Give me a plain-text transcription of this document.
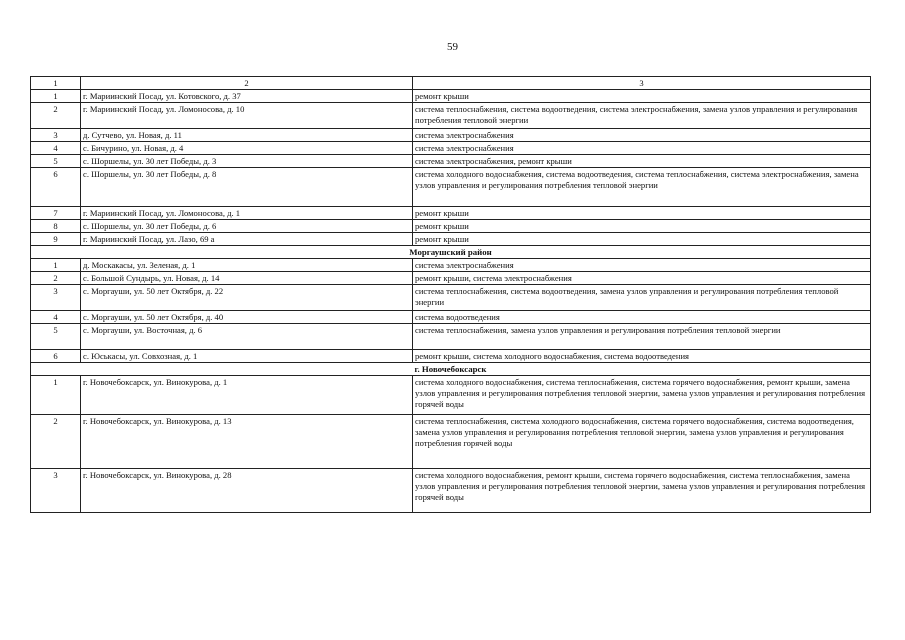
59
1	2	3
1	г. Мариинский Посад, ул. Котовского, д. 37	ремонт крыши
2	г. Мариинский Посад, ул. Ломоносова, д. 10	система теплоснабжения, система водоотведения, система электроснабжения, замена узлов управления и регулирования потребления тепловой энергии
3	д. Сутчево, ул. Новая, д. 11	система электроснабжения
4	с. Бичурино, ул. Новая, д. 4	система электроснабжения
5	с. Шоршелы, ул. 30 лет Победы, д. 3	система электроснабжения, ремонт крыши
6	с. Шоршелы, ул. 30 лет Победы, д. 8	система холодного водоснабжения, система водоотведения, система теплоснабжения, система электроснабжения, замена узлов управления и регулирования потребления тепловой энергии
7	г. Мариинский Посад, ул. Ломоносова, д. 1	ремонт крыши
8	с. Шоршелы, ул. 30 лет Победы, д. 6	ремонт крыши
9	г. Мариинский Посад, ул. Лазо, 69 а	ремонт крыши
Моргаушский район		
1	д. Москакасы, ул. Зеленая, д. 1	система электроснабжения
2	с. Большой Сундырь, ул. Новая, д. 14	ремонт крыши, система электроснабжения
3	с. Моргауши, ул. 50 лет Октября, д. 22	система теплоснабжения, система водоотведения, замена узлов управления и регулирования потребления тепловой энергии
4	с. Моргауши, ул. 50 лет Октября, д. 40	система водоотведения
5	с. Моргауши, ул. Восточная, д. 6	система теплоснабжения, замена узлов управления и регулирования потребления тепловой энергии
6	с. Юськасы, ул. Совхозная, д. 1	ремонт крыши, система холодного водоснабжения, система водоотведения
г. Новочебоксарск		
1	г. Новочебоксарск, ул. Винокурова, д. 1	система холодного водоснабжения, система теплоснабжения, система горячего водоснабжения, ремонт крыши, замена узлов управления и регулирования потребления тепловой энергии, замена узлов управления и регулирования потребления горячей воды
2	г. Новочебоксарск, ул. Винокурова, д. 13	система теплоснабжения, система холодного водоснабжения, система горячего водоснабжения, система водоотведения, замена узлов управления и регулирования потребления тепловой энергии, замена узлов управления и регулирования потребления горячей воды
3	г. Новочебоксарск, ул. Винокурова, д. 28	система холодного водоснабжения, ремонт крыши, система горячего водоснабжения, система теплоснабжения, замена узлов управления и регулирования потребления тепловой энергии, замена узлов управления и регулирования потребления горячей воды
